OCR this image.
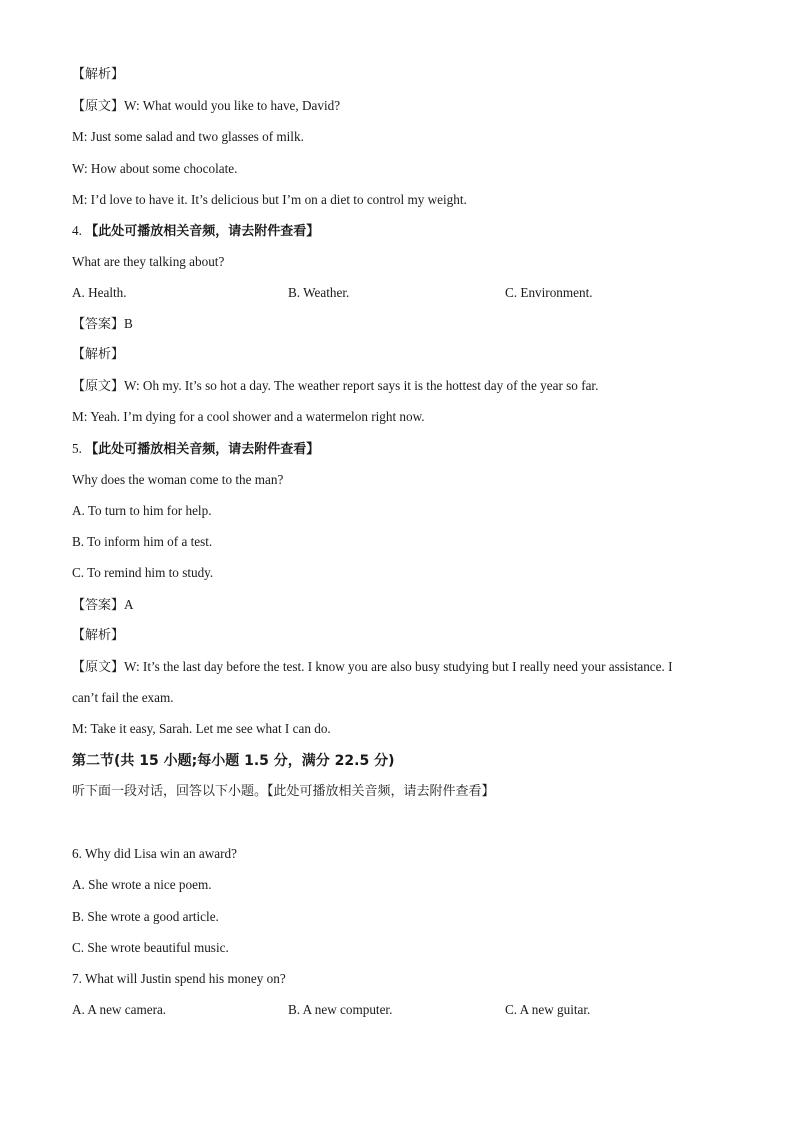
【解析】
【原文】W: What would you like to have, David?
M: Just some salad and two glasses of milk.
W: How about some chocolate.
M: I’d love to have it. It’s delicious but I’m on a diet to control my weight.
4. 【此处可播放相关音频，请去附件查看】
What are they talking about?
A. Health.	B. Weather.	C. Environment.
【答案】B
【解析】
【原文】W: Oh my. It’s so hot a day. The weather report says it is the hottest day of the year so far.
M: Yeah. I’m dying for a cool shower and a watermelon right now.
5. 【此处可播放相关音频，请去附件查看】
Why does the woman come to the man?
A. To turn to him for help.
B. To inform him of a test.
C. To remind him to study.
【答案】A
【解析】
【原文】W: It’s the last day before the test. I know you are also busy studying but I really need your assistance. I
can’t fail the exam.
M: Take it easy, Sarah. Let me see what I can do.
第二节(共 15 小题;每小题 1.5 分，满分 22.5 分)
听下面一段对话，回答以下小题。【此处可播放相关音频，请去附件查看】
6. Why did Lisa win an award?
A. She wrote a nice poem.
B. She wrote a good article.
C. She wrote beautiful music.
7. What will Justin spend his money on?
A. A new camera.	B. A new computer.	C. A new guitar.
